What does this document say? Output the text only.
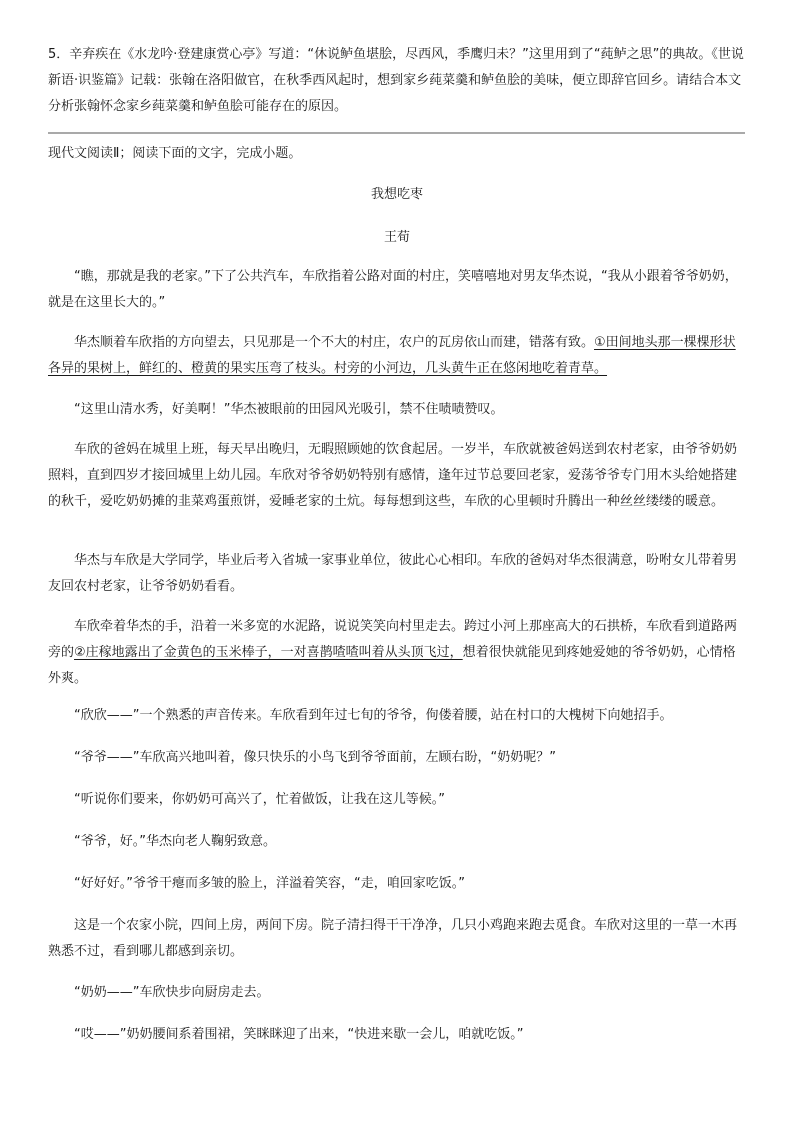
5．辛弃疾在《水龙吟·登建康赏心亭》写道：“休说鲈鱼堪脍，尽西风，季鹰归未？”这里用到了“莼鲈之思”的典故。《世说新语·识鉴篇》记载：张翰在洛阳做官，在秋季西风起时，想到家乡莼菜羹和鲈鱼脍的美味，便立即辞官回乡。请结合本文分析张翰怀念家乡莼菜羹和鲈鱼脍可能存在的原因。

现代文阅读Ⅱ；阅读下面的文字，完成小题。

我想吃枣

王荀

“瞧，那就是我的老家。”下了公共汽车，车欣指着公路对面的村庄，笑嘻嘻地对男友华杰说，“我从小跟着爷爷奶奶，就是在这里长大的。”

华杰顺着车欣指的方向望去，只见那是一个不大的村庄，农户的瓦房依山而建，错落有致。①田间地头那一棵棵形状各异的果树上，鲜红的、橙黄的果实压弯了枝头。村旁的小河边，几头黄牛正在悠闲地吃着青草。

“这里山清水秀，好美啊！”华杰被眼前的田园风光吸引，禁不住啧啧赞叹。

车欣的爸妈在城里上班，每天早出晚归，无暇照顾她的饮食起居。一岁半，车欣就被爸妈送到农村老家，由爷爷奶奶照料，直到四岁才接回城里上幼儿园。车欣对爷爷奶奶特别有感情，逢年过节总要回老家，爱荡爷爷专门用木头给她搭建的秋千，爱吃奶奶摊的韭菜鸡蛋煎饼，爱睡老家的土炕。每每想到这些，车欣的心里顿时升腾出一种丝丝缕缕的暖意。

华杰与车欣是大学同学，毕业后考入省城一家事业单位，彼此心心相印。车欣的爸妈对华杰很满意，吩咐女儿带着男友回农村老家，让爷爷奶奶看看。

车欣牵着华杰的手，沿着一米多宽的水泥路，说说笑笑向村里走去。跨过小河上那座高大的石拱桥，车欣看到道路两旁的②庄稼地露出了金黄色的玉米棒子，一对喜鹊喳喳叫着从头顶飞过，想着很快就能见到疼她爱她的爷爷奶奶，心情格外爽。

“欣欣——”一个熟悉的声音传来。车欣看到年过七旬的爷爷，佝偻着腰，站在村口的大槐树下向她招手。

“爷爷——”车欣高兴地叫着，像只快乐的小鸟飞到爷爷面前，左顾右盼，“奶奶呢？”

“听说你们要来，你奶奶可高兴了，忙着做饭，让我在这儿等候。”

“爷爷，好。”华杰向老人鞠躬致意。

“好好好。”爷爷干瘪而多皱的脸上，洋溢着笑容，“走，咱回家吃饭。”

这是一个农家小院，四间上房，两间下房。院子清扫得干干净净，几只小鸡跑来跑去觅食。车欣对这里的一草一木再熟悉不过，看到哪儿都感到亲切。

“奶奶——”车欣快步向厨房走去。

“哎——”奶奶腰间系着围裙，笑眯眯迎了出来，“快进来歇一会儿，咱就吃饭。”
